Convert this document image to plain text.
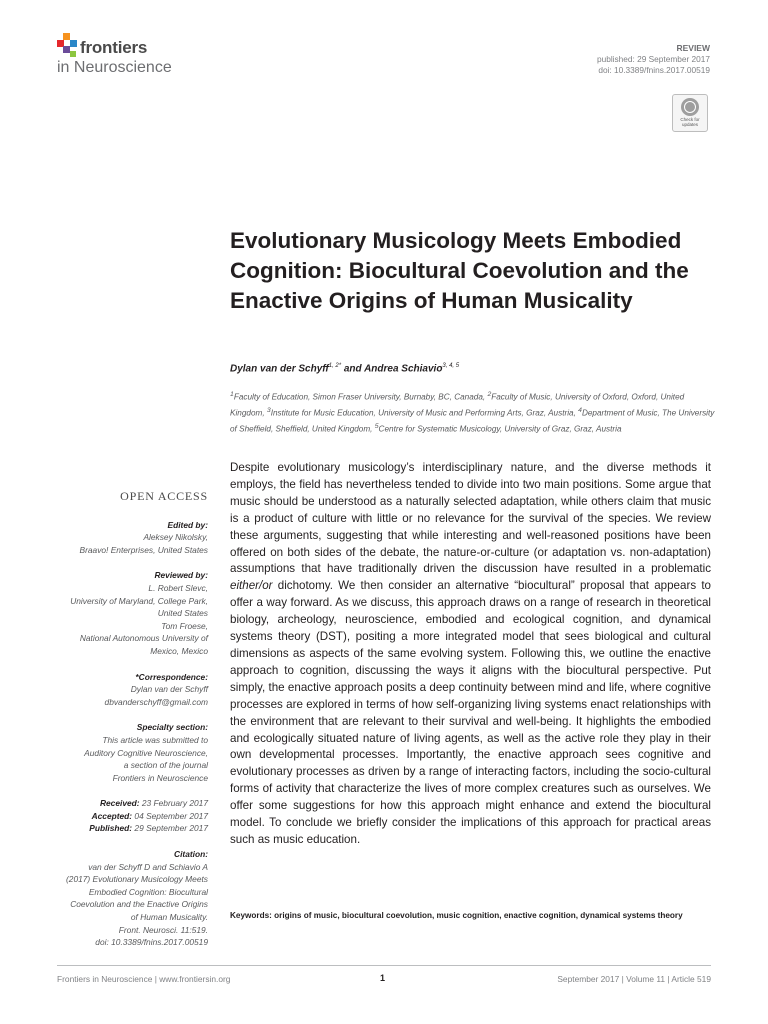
frontiers
in Neuroscience
REVIEW
published: 29 September 2017
doi: 10.3389/fnins.2017.00519
Check for
updates
Evolutionary Musicology Meets Embodied Cognition: Biocultural Coevolution and the Enactive Origins of Human Musicality
Dylan van der Schyff$^{1, 2*}$ and Andrea Schiavio$^{3, 4, 5}$
$^1$Faculty of Education, Simon Fraser University, Burnaby, BC, Canada, $^2$Faculty of Music, University of Oxford, Oxford, United Kingdom, $^3$Institute for Music Education, University of Music and Performing Arts, Graz, Austria, $^4$Department of Music, The University of Sheffield, Sheffield, United Kingdom, $^5$Centre for Systematic Musicology, University of Graz, Graz, Austria

Despite evolutionary musicology’s interdisciplinary nature, and the diverse methods it employs, the field has nevertheless tended to divide into two main positions. Some argue that music should be understood as a naturally selected adaptation, while others claim that music is a product of culture with little or no relevance for the survival of the species. We review these arguments, suggesting that while interesting and well-reasoned positions have been offered on both sides of the debate, the nature-or-culture (or adaptation vs. non-adaptation) assumptions that have traditionally driven the discussion have resulted in a problematic either/or dichotomy. We then consider an alternative “biocultural” proposal that appears to offer a way forward. As we discuss, this approach draws on a range of research in theoretical biology, archeology, neuroscience, embodied and ecological cognition, and dynamical systems theory (DST), positing a more integrated model that sees biological and cultural dimensions as aspects of the same evolving system. Following this, we outline the enactive approach to cognition, discussing the ways it aligns with the biocultural perspective. Put simply, the enactive approach posits a deep continuity between mind and life, where cognitive processes are explored in terms of how self-organizing living systems enact relationships with the environment that are relevant to their survival and well-being. It highlights the embodied and ecologically situated nature of living agents, as well as the active role they play in their own developmental processes. Importantly, the enactive approach sees cognitive and evolutionary processes as driven by a range of interacting factors, including the socio-cultural forms of activity that characterize the lives of more complex creatures such as ourselves. We offer some suggestions for how this approach might enhance and extend the biocultural model. To conclude we briefly consider the implications of this approach for practical areas such as music education.

Keywords: origins of music, biocultural coevolution, music cognition, enactive cognition, dynamical systems theory
OPEN ACCESS
Edited by:
Aleksey Nikolsky,
Braavo! Enterprises, United States
Reviewed by:
L. Robert Slevc,
University of Maryland, College Park,
United States
Tom Froese,
National Autonomous University of
Mexico, Mexico
*Correspondence:
Dylan van der Schyff
dbvanderschyff@gmail.com
Specialty section:
This article was submitted to
Auditory Cognitive Neuroscience,
a section of the journal
Frontiers in Neuroscience
Received: 23 February 2017
Accepted: 04 September 2017
Published: 29 September 2017
Citation:
van der Schyff D and Schiavio A
(2017) Evolutionary Musicology Meets
Embodied Cognition: Biocultural
Coevolution and the Enactive Origins
of Human Musicality.
Front. Neurosci. 11:519.
doi: 10.3389/fnins.2017.00519
Frontiers in Neuroscience | www.frontiersin.org	1	September 2017 | Volume 11 | Article 519
